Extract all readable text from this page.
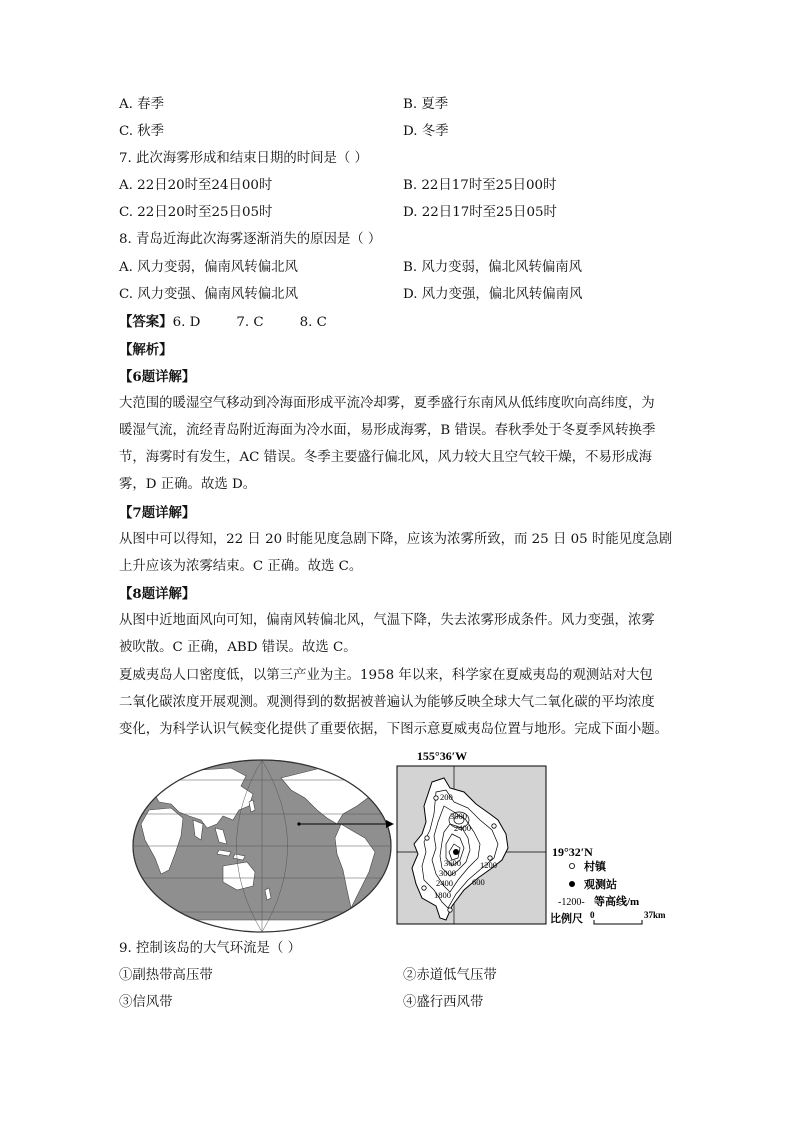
A. 春季	B. 夏季
C. 秋季	D. 冬季
7. 此次海雾形成和结束日期的时间是（ ）
A. 22日20时至24日00时	B. 22日17时至25日00时
C. 22日20时至25日05时	D. 22日17时至25日05时
8. 青岛近海此次海雾逐渐消失的原因是（ ）
A. 风力变弱，偏南风转偏北风	B. 风力变弱，偏北风转偏南风
C. 风力变强、偏南风转偏北风	D. 风力变强，偏北风转偏南风
【答案】6. D	7. C	8. C
【解析】
【6题详解】
大范围的暖湿空气移动到冷海面形成平流冷却雾，夏季盛行东南风从低纬度吹向高纬度，为
暖湿气流，流经青岛附近海面为冷水面，易形成海雾，B 错误。春秋季处于冬夏季风转换季
节，海雾时有发生，AC 错误。冬季主要盛行偏北风，风力较大且空气较干燥，不易形成海
雾，D 正确。故选 D。
【7题详解】
从图中可以得知，22 日 20 时能见度急剧下降，应该为浓雾所致，而 25 日 05 时能见度急剧
上升应该为浓雾结束。C 正确。故选 C。
【8题详解】
从图中近地面风向可知，偏南风转偏北风，气温下降，失去浓雾形成条件。风力变强，浓雾
被吹散。C 正确，ABD 错误。故选 C。
夏威夷岛人口密度低，以第三产业为主。1958 年以来，科学家在夏威夷岛的观测站对大包
二氧化碳浓度开展观测。观测得到的数据被普遍认为能够反映全球大气二氧化碳的平均浓度
变化，为科学认识气候变化提供了重要依据，下图示意夏威夷岛位置与地形。完成下面小题。
155°36′W
200
3000
2400
3600
3000
2400
1800
1200
600
19°32′N
村镇
观测站
-1200- 等高线/m
比例尺 0	37km
9. 控制该岛的大气环流是（ ）
①副热带高压带	②赤道低气压带
③信风带	④盛行西风带
